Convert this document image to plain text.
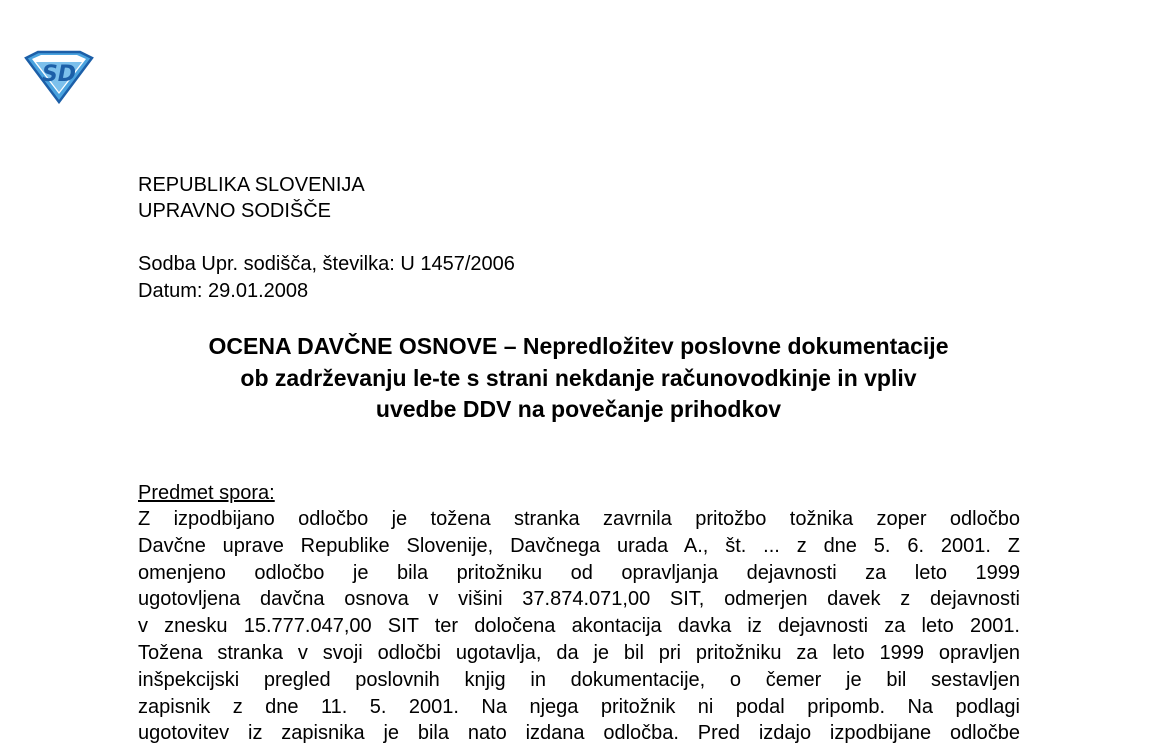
SD
REPUBLIKA SLOVENIJA
UPRAVNO SODIŠČE
Sodba Upr. sodišča, številka: U 1457/2006
Datum: 29.01.2008
OCENA DAVČNE OSNOVE – Nepredložitev poslovne dokumentacije
ob zadrževanju le-te s strani nekdanje računovodkinje in vpliv
uvedbe DDV na povečanje prihodkov
Predmet spora:
Z izpodbijano odločbo je tožena stranka zavrnila pritožbo tožnika zoper odločbo
Davčne uprave Republike Slovenije, Davčnega urada A., št. ... z dne 5. 6. 2001. Z
omenjeno odločbo je bila pritožniku od opravljanja dejavnosti za leto 1999
ugotovljena davčna osnova v višini 37.874.071,00 SIT, odmerjen davek z dejavnosti
v znesku 15.777.047,00 SIT ter določena akontacija davka iz dejavnosti za leto 2001.
Tožena stranka v svoji odločbi ugotavlja, da je bil pri pritožniku za leto 1999 opravljen
inšpekcijski pregled poslovnih knjig in dokumentacije, o čemer je bil sestavljen
zapisnik z dne 11. 5. 2001. Na njega pritožnik ni podal pripomb. Na podlagi
ugotovitev iz zapisnika je bila nato izdana odločba. Pred izdajo izpodbijane odločbe
